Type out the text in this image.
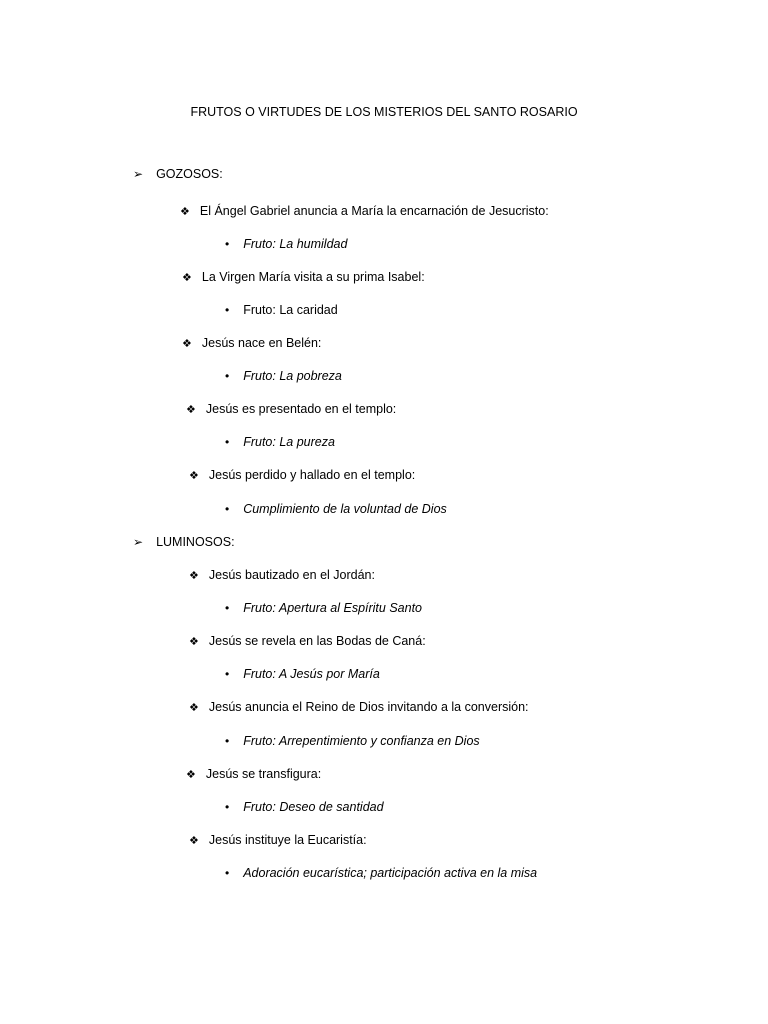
FRUTOS O VIRTUDES DE LOS MISTERIOS DEL SANTO ROSARIO
➢ GOZOSOS:
❖ El Ángel Gabriel anuncia a María la encarnación de Jesucristo:
• Fruto: La humildad
❖ La Virgen María visita a su prima Isabel:
• Fruto: La caridad
❖ Jesús nace en Belén:
• Fruto: La pobreza
❖ Jesús es presentado en el templo:
• Fruto: La pureza
❖ Jesús perdido y hallado en el templo:
• Cumplimiento de la voluntad de Dios
➢ LUMINOSOS:
❖ Jesús bautizado en el Jordán:
• Fruto: Apertura al Espíritu Santo
❖ Jesús se revela en las Bodas de Caná:
• Fruto: A Jesús por María
❖ Jesús anuncia el Reino de Dios invitando a la conversión:
• Fruto: Arrepentimiento y confianza en Dios
❖ Jesús se transfigura:
• Fruto: Deseo de santidad
❖ Jesús instituye la Eucaristía:
• Adoración eucarística; participación activa en la misa
